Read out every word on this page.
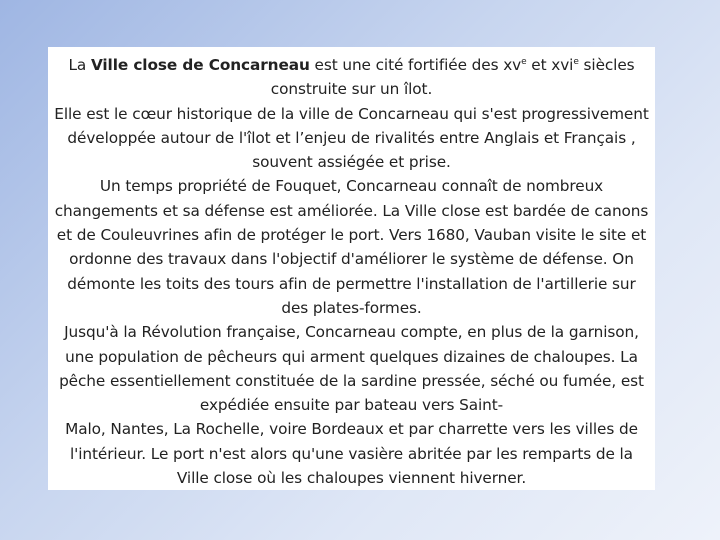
La Ville close de Concarneau est une cité fortifiée des $xv^e$ et xvi$^e$ siècles construite sur un îlot.

Elle est le cœur historique de la ville de Concarneau qui s'est progressivement développée autour de l'îlot et l’enjeu de rivalités entre Anglais et Français , souvent assiégée et prise.

Un temps propriété de Fouquet, Concarneau connaît de nombreux changements et sa défense est améliorée. La Ville close est bardée de canons et de Couleuvrines afin de protéger le port. Vers 1680, Vauban visite le site et ordonne des travaux dans l'objectif d'améliorer le système de défense. On démonte les toits des tours afin de permettre l'installation de l'artillerie sur des plates-formes.

Jusqu'à la Révolution française, Concarneau compte, en plus de la garnison, une population de pêcheurs qui arment quelques dizaines de chaloupes. La pêche essentiellement constituée de la sardine pressée, séché ou fumée, est expédiée ensuite par bateau vers Saint-
Malo, Nantes, La Rochelle, voire Bordeaux et par charrette vers les villes de l'intérieur. Le port n'est alors qu'une vasière abritée par les remparts de la Ville close où les chaloupes viennent hiverner.
